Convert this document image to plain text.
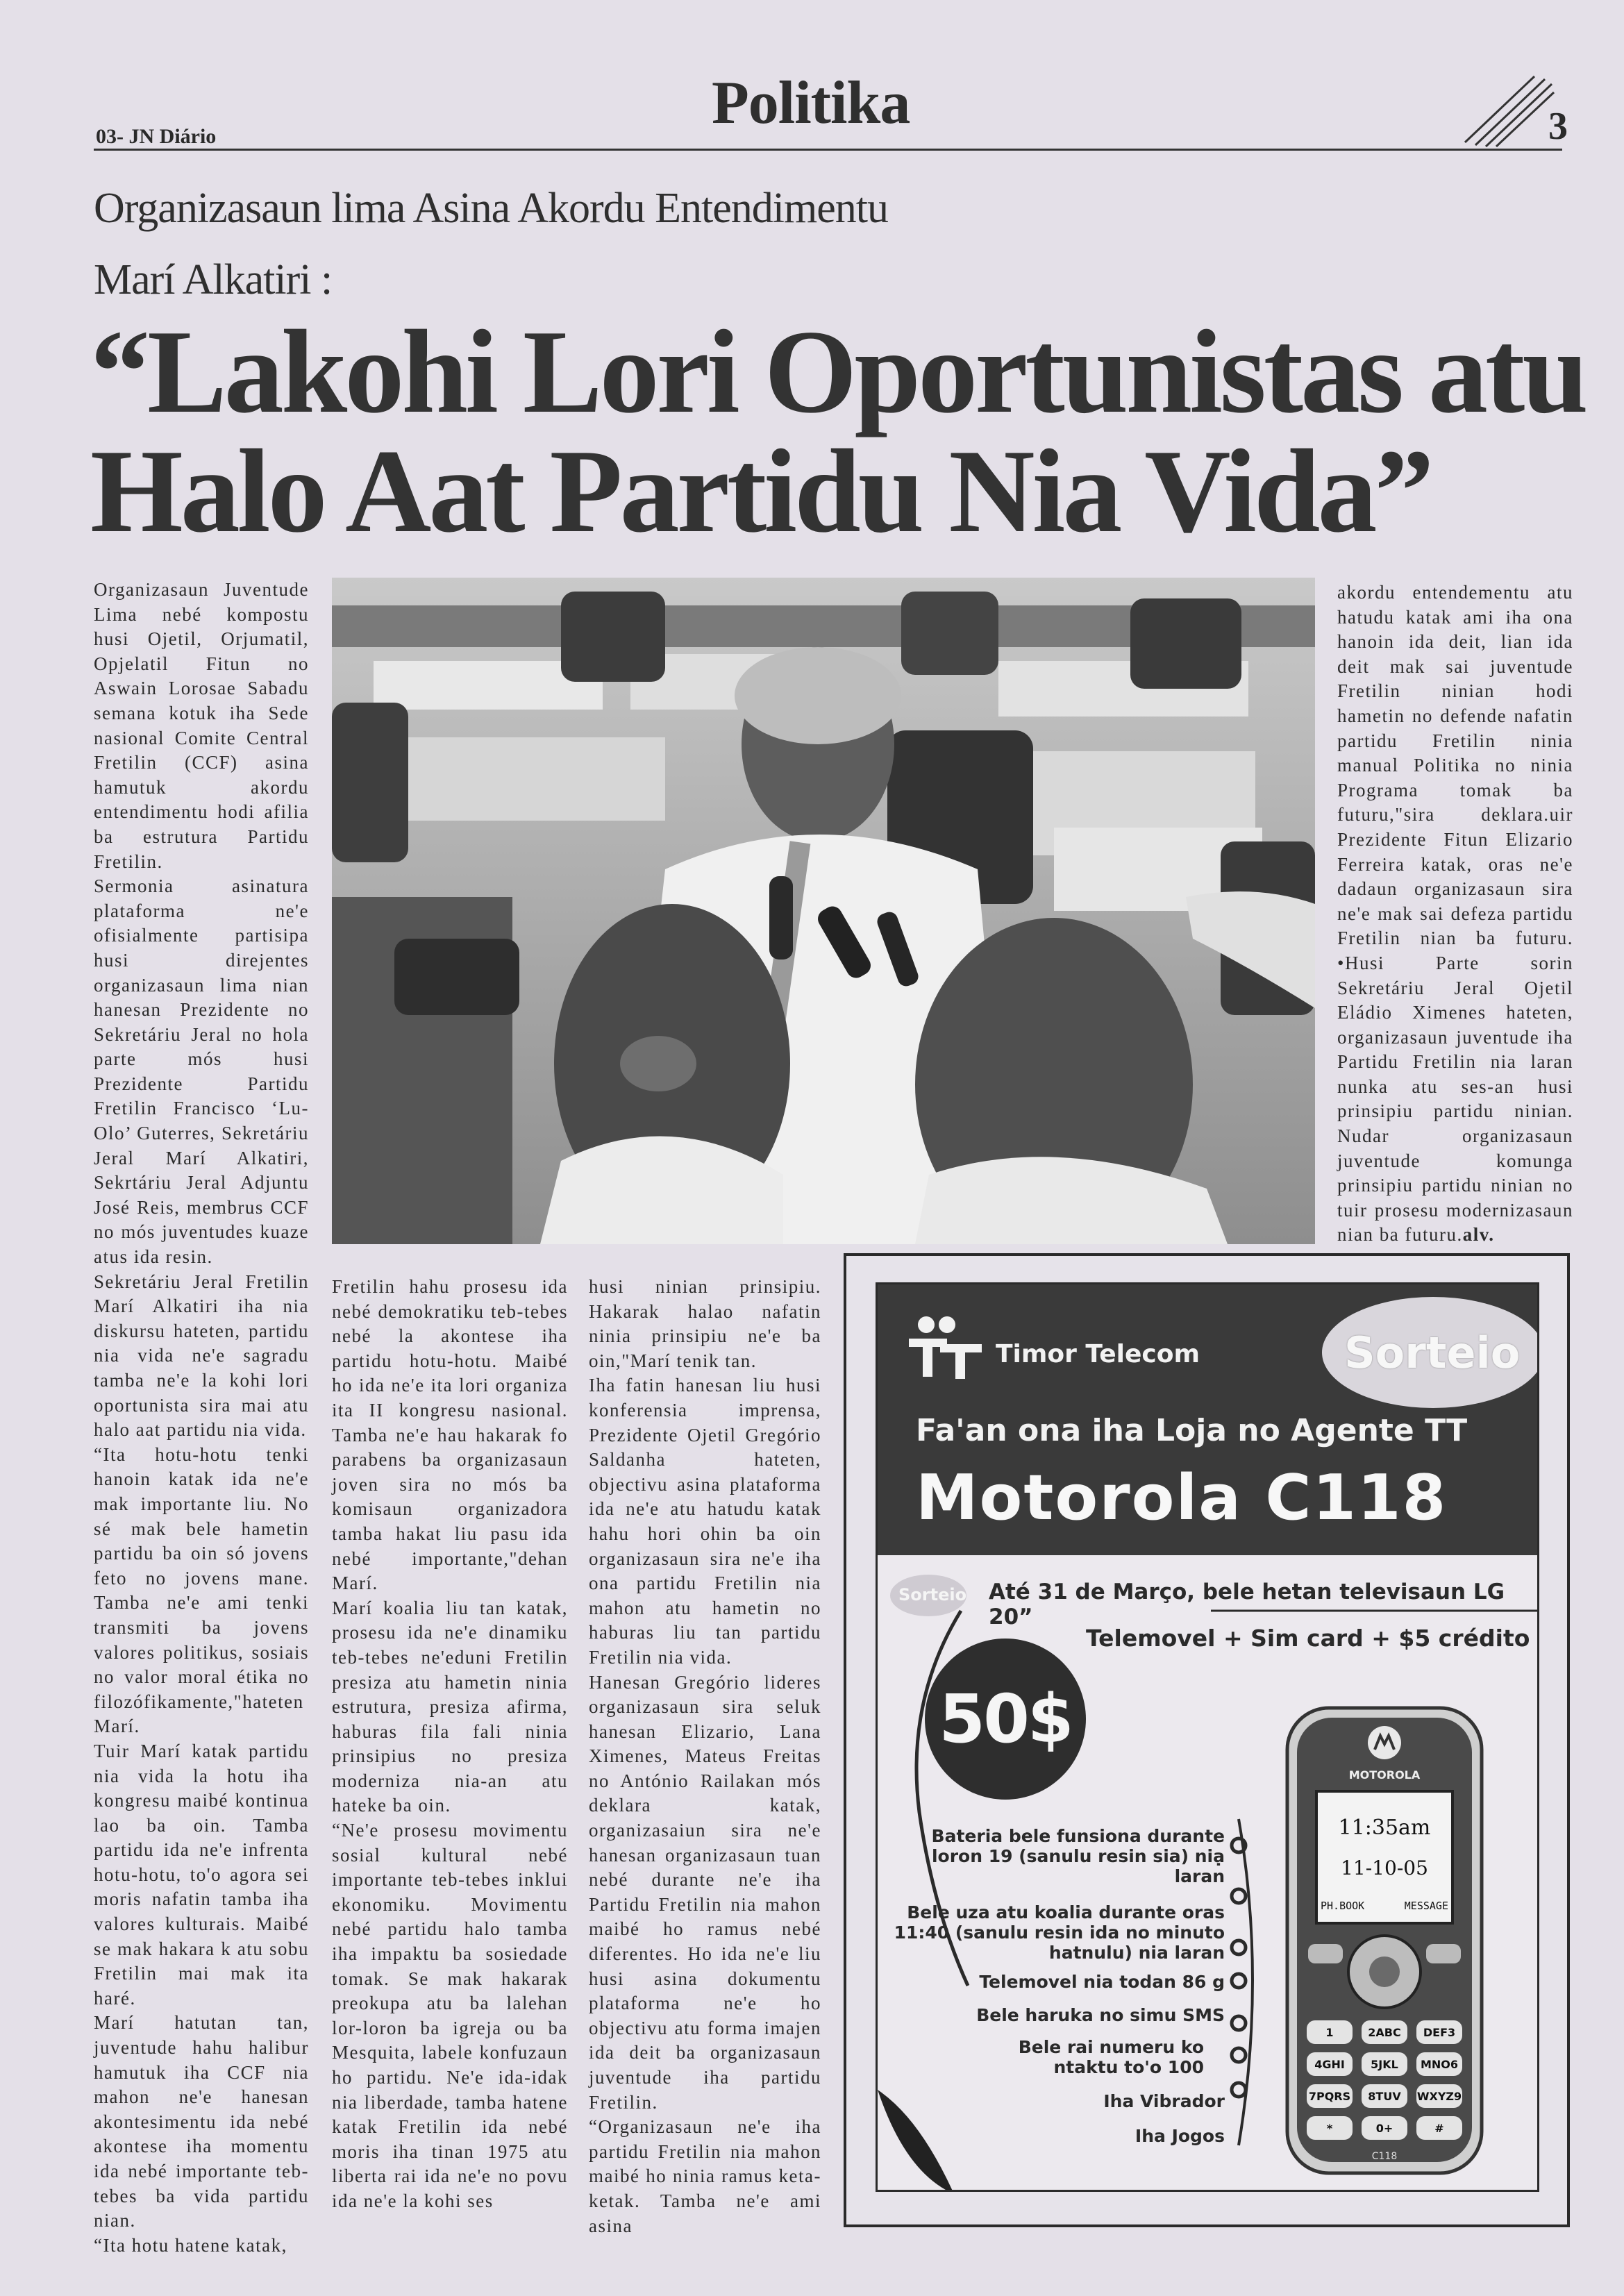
03- JN Diário	Politika	3
Organizasaun lima Asina Akordu Entendimentu
Marí Alkatiri :
“Lakohi Lori Oportunistas atu
Halo Aat Partidu Nia Vida”

Organizasaun Juventude Lima nebé kompostu husi Ojetil, Orjumatil, Opjelatil Fitun no Aswain Lorosae Sabadu semana kotuk iha Sede nasional Comite Central Fretilin (CCF) asina hamutuk akordu entendimentu hodi afilia ba estrutura Partidu Fretilin.

Sermonia asinatura plataforma ne'e ofisialmente partisipa husi direjentes organizasaun lima nian hanesan Prezidente no Sekretáriu Jeral no hola parte mós husi Prezidente Partidu Fretilin Francisco ‘Lu-Olo’ Guterres, Sekretáriu Jeral Marí Alkatiri, Sekrtáriu Jeral Adjuntu José Reis, membrus CCF no mós juventudes kuaze atus ida resin.

Sekretáriu Jeral Fretilin Marí Alkatiri iha nia diskursu hateten, partidu nia vida ne'e sagradu tamba ne'e la kohi lori oportunista sira mai atu halo aat partidu nia vida.

“Ita hotu-hotu tenki hanoin katak ida ne'e mak importante liu. No sé mak bele hametin partidu ba oin só jovens feto no jovens mane. Tamba ne'e ami tenki transmiti ba jovens valores politikus, sosiais no valor moral étika no filozófikamente,"hateten Marí.

Tuir Marí katak partidu nia vida la hotu iha kongresu maibé kontinua lao ba oin. Tamba partidu ida ne'e infrenta hotu-hotu, to'o agora sei moris nafatin tamba iha valores kulturais. Maibé se mak hakara k atu sobu Fretilin mai mak ita haré.

Marí hatutan tan, juventude hahu halibur hamutuk iha CCF nia mahon ne'e hanesan akontesimentu ida nebé akontese iha momentu ida nebé importante teb-tebes ba vida partidu nian.

“Ita hotu hatene katak,

Fretilin hahu prosesu ida nebé demokratiku teb-tebes nebé la akontese iha partidu hotu-hotu. Maibé ho ida ne'e ita lori organiza ita II kongresu nasional. Tamba ne'e hau hakarak fo parabens ba organizasaun joven sira no mós ba komisaun organizadora tamba hakat liu pasu ida nebé importante,"dehan Marí.

Marí koalia liu tan katak, prosesu ida ne'e dinamiku teb-tebes ne'eduni Fretilin presiza atu hametin ninia estrutura, presiza afirma, haburas fila fali ninia prinsipius no presiza moderniza nia-an atu hateke ba oin.

“Ne'e prosesu movimentu sosial kultural nebé importante teb-tebes inklui ekonomiku. Movimentu nebé partidu halo tamba iha impaktu ba sosiedade tomak. Se mak hakarak preokupa atu ba lalehan lor-loron ba igreja ou ba Mesquita, labele konfuzaun ho partidu. Ne'e ida-idak nia liberdade, tamba hatene katak Fretilin ida nebé moris iha tinan 1975 atu liberta rai ida ne'e no povu ida ne'e la kohi ses

husi ninian prinsipiu. Hakarak halao nafatin ninia prinsipiu ne'e ba oin,"Marí tenik tan.

Iha fatin hanesan liu husi konferensia imprensa, Prezidente Ojetil Gregório Saldanha hateten, objectivu asina plataforma ida ne'e atu hatudu katak hahu hori ohin ba oin organizasaun sira ne'e iha ona partidu Fretilin nia mahon atu hametin no haburas liu tan partidu Fretilin nia vida.

Hanesan Gregório lideres organizasaun sira seluk hanesan Elizario, Lana Ximenes, Mateus Freitas no António Railakan mós deklara katak, organizasaiun sira ne'e hanesan organizasaun tuan nebé durante ne'e iha Partidu Fretilin nia mahon maibé ho ramus nebé diferentes. Ho ida ne'e liu husi asina dokumentu plataforma ne'e ho objectivu atu forma imajen ida deit ba organizasaun juventude iha partidu Fretilin.

“Organizasaun ne'e iha partidu Fretilin nia mahon maibé ho ninia ramus keta-ketak. Tamba ne'e ami asina

akordu entendementu atu hatudu katak ami iha ona hanoin ida deit, lian ida deit mak sai juventude Fretilin ninian hodi hametin no defende nafatin partidu Fretilin ninia manual Politika no ninia Programa tomak ba futuru,"sira deklara.uir Prezidente Fitun Elizario Ferreira katak, oras ne'e dadaun organizasaun sira ne'e mak sai defeza partidu Fretilin nian ba futuru. •Husi Parte sorin Sekretáriu Jeral Ojetil Eládio Ximenes hateten, organizasaun juventude iha Partidu Fretilin nia laran nunka atu ses-an husi prinsipiu partidu ninian. Nudar organizasaun juventude komunga prinsipiu partidu ninian no tuir prosesu modernizasaun nian ba futuru.alv.

Timor Telecom	Sorteio
Fa'an ona iha Loja no Agente TT
Motorola C118
Sorteio Até 31 de Março, bele hetan televisaun LG 20”
Telemovel + Sim card + $5 crédito
50$
Bateria bele funsiona durante loron 19 (sanulu resin sia) niạ laran
Bele uza atu koalia durante oras 11:40 (sanulu resin ida no minuto hatnulu) nia laran
Telemovel nia todan 86 g
Bele haruka no simu SMS
Bele rai numeru ko ntaktu to'o 100
Iha Vibrador
Iha Jogos
MOTOROLA
11:35am
11-10-05
PH.BOOK	MESSAGE
1	2ABC DEF3
4GHI 5JKL MNO6
7PQRS 8TUV WXYZ9
*	0+	#
C118
